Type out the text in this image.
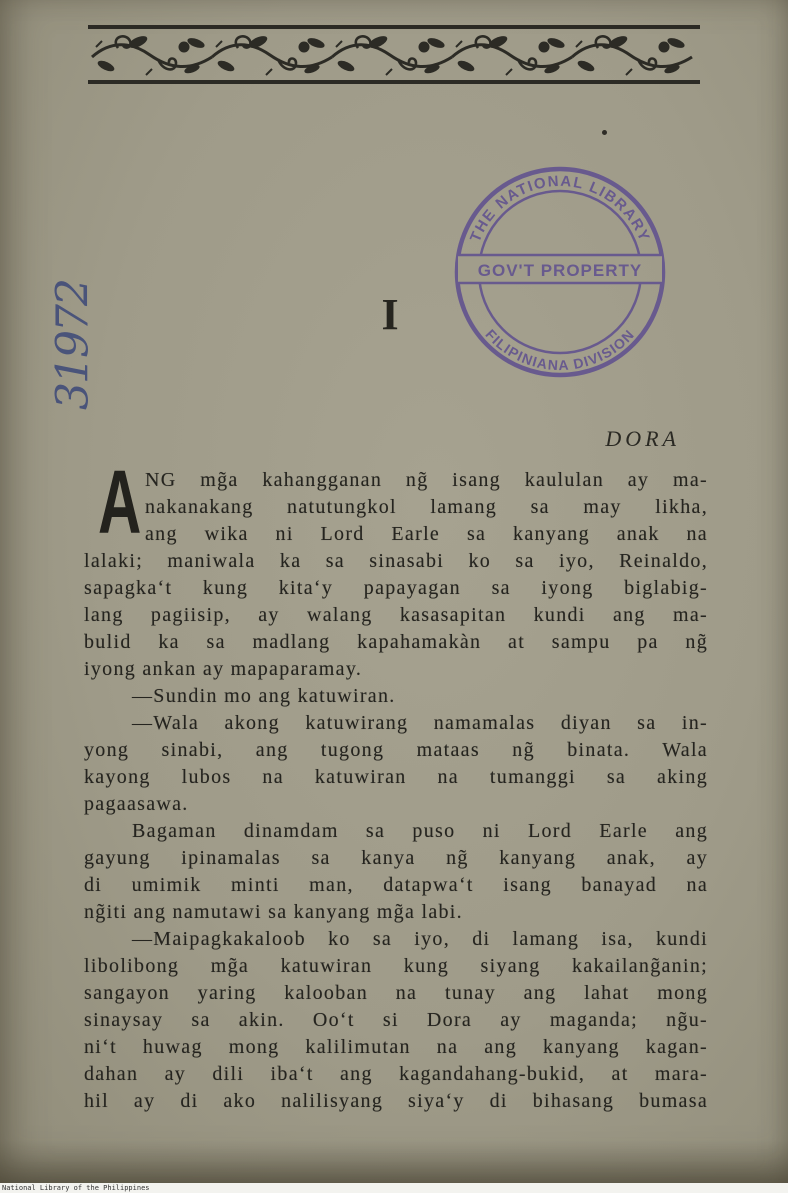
GOV'T PROPERTY
THE NATIONAL LIBRARY
FILIPINIANA DIVISION
31972	I
DORA
A NG mg̃a kahangganan ng̃ isang kaululan ay ma-
nakanakang natutungkol lamang sa may likha,
ang wika ni Lord Earle sa kanyang anak na
lalaki; maniwala ka sa sinasabi ko sa iyo, Reinaldo,
sapagka‘t kung kita‘y papayagan sa iyong biglabig-
lang pagiisip, ay walang kasasapitan kundi ang ma-
bulid ka sa madlang kapahamakàn at sampu pa ng̃
iyong ankan ay mapaparamay.
—Sundin mo ang katuwiran.
—Wala akong katuwirang namamalas diyan sa in-
yong sinabi, ang tugong mataas ng̃ binata. Wala
kayong lubos na katuwiran na tumanggi sa aking
pagaasawa.
Bagaman dinamdam sa puso ni Lord Earle ang
gayung ipinamalas sa kanya ng̃ kanyang anak, ay
di umimik minti man, datapwa‘t isang banayad na
ng̃iti ang namutawi sa kanyang mg̃a labi.
—Maipagkakaloob ko sa iyo, di lamang isa, kundi
libolibong mg̃a katuwiran kung siyang kakailang̃anin;
sangayon yaring kalooban na tunay ang lahat mong
sinaysay sa akin. Oo‘t si Dora ay maganda; ng̃u-
ni‘t huwag mong kalilimutan na ang kanyang kagan-
dahan ay dili iba‘t ang kagandahang-bukid, at mara-
hil ay di ako nalilisyang siya‘y di bihasang bumasa
National Library of the Philippines
